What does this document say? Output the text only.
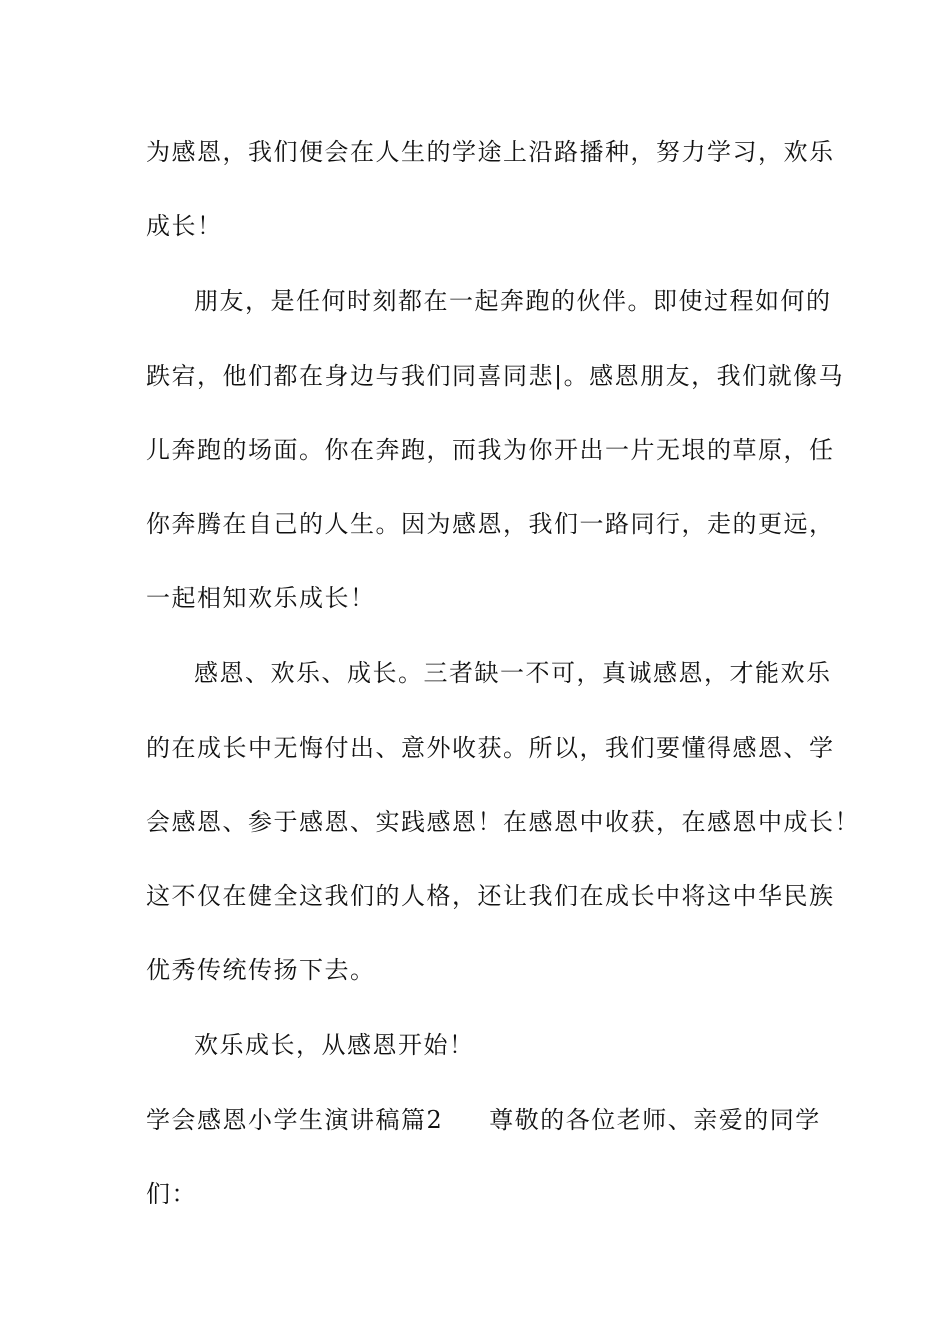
为感恩，我们便会在人生的学途上沿路播种，努力学习，欢乐
成长！
朋友，是任何时刻都在一起奔跑的伙伴。即使过程如何的
跌宕，他们都在身边与我们同喜同悲|。感恩朋友，我们就像马
儿奔跑的场面。你在奔跑，而我为你开出一片无垠的草原，任
你奔腾在自己的人生。因为感恩，我们一路同行，走的更远，
一起相知欢乐成长！
感恩、欢乐、成长。三者缺一不可，真诚感恩，才能欢乐
的在成长中无悔付出、意外收获。所以，我们要懂得感恩、学
会感恩、参于感恩、实践感恩！在感恩中收获，在感恩中成长！
这不仅在健全这我们的人格，还让我们在成长中将这中华民族
优秀传统传扬下去。
欢乐成长，从感恩开始！
学会感恩小学生演讲稿篇2 尊敬的各位老师、亲爱的同学
们：
